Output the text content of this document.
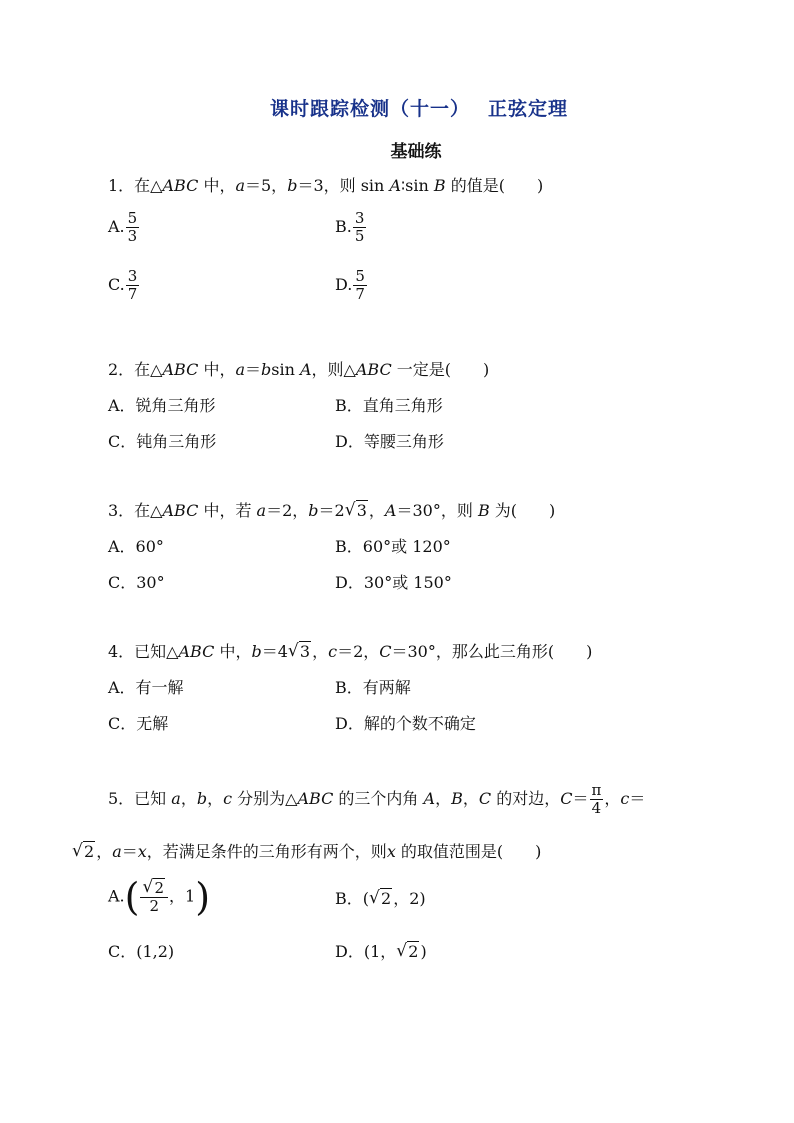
课时跟踪检测（十一）　 正弦定理
基础练
1．在△ABC 中，a＝5，b＝3，则 sin A∶sin B 的值是(　　)
A. $\frac{5}{3}$	B. $\frac{3}{5}$
C. $\frac{3}{7}$	D. $\frac{5}{7}$
2．在△ABC 中，a＝bsin A，则△ABC 一定是(　　)
A．锐角三角形	B．直角三角形
C．钝角三角形	D．等腰三角形
3．在△ABC 中，若 a＝2，b＝2 √ 3 ，A＝30°，则 B 为(　　)
A．60°	B．60°或 120°
C．30°	D．30°或 150°
4．已知△ABC 中，b＝4 √ 3 ，c＝2，C＝30°，那么此三角形(　　)
A．有一解	B．有两解
C．无解	D．解的个数不确定
5．已知 a，b，c 分别为△ABC 的三个内角 A，B，C 的对边，$C= \frac{\pi}{4}$ ，c＝
√ 2 ，a＝x，若满足条件的三角形有两个，则x 的取值范围是(　　)
$A.( \frac{√ 2}{2}$ ，1)	B．( √ 2 ，2)
C．(1,2)	D．(1， √ 2 )
